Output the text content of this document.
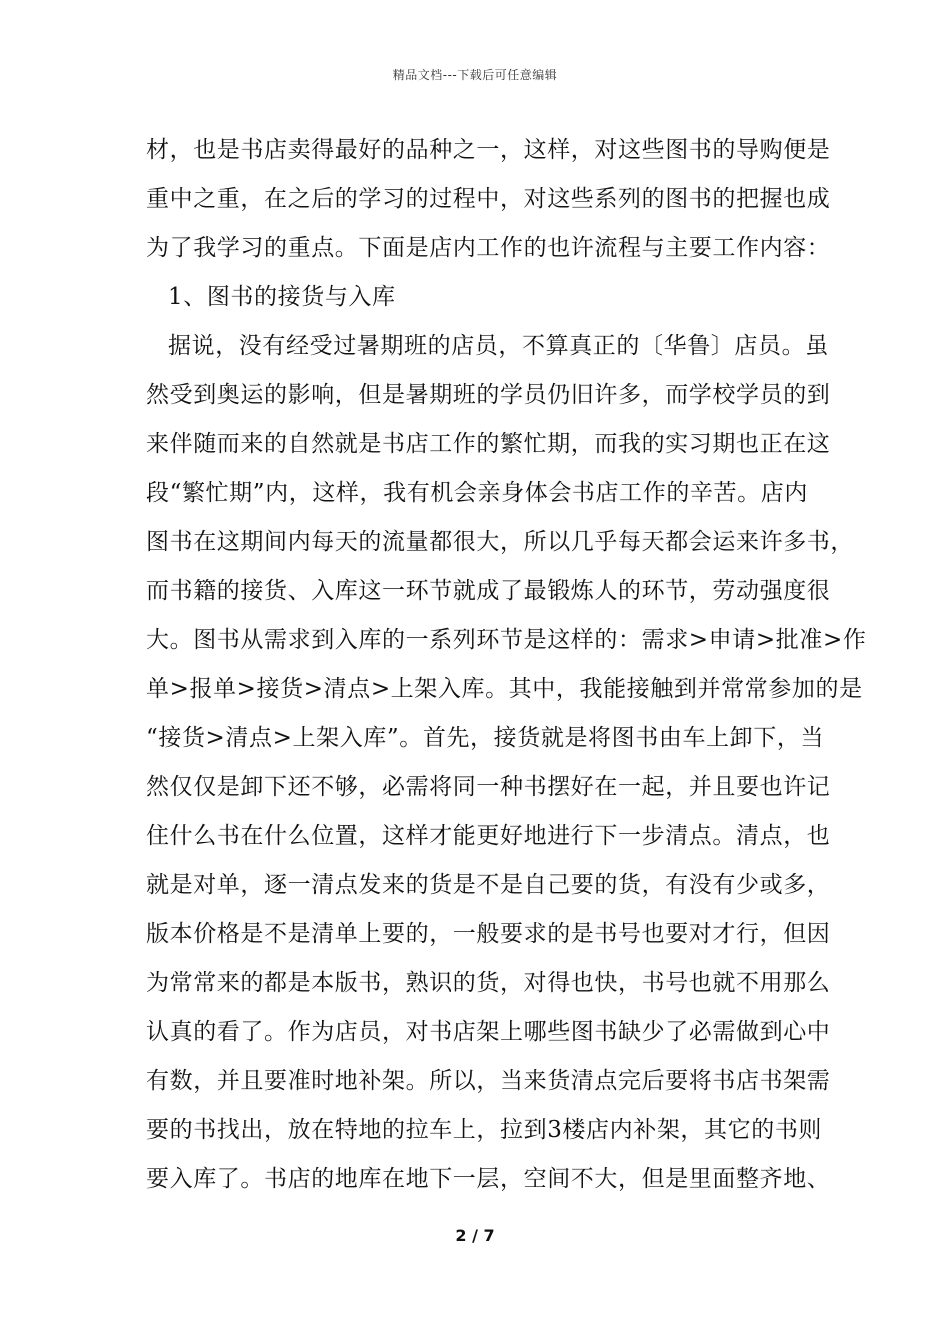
精品文档---下载后可任意编辑
材，也是书店卖得最好的品种之一，这样，对这些图书的导购便是
重中之重，在之后的学习的过程中，对这些系列的图书的把握也成
为了我学习的重点。下面是店内工作的也许流程与主要工作内容：
1、图书的接货与入库
据说，没有经受过暑期班的店员，不算真正的〔华鲁〕店员。虽
然受到奥运的影响，但是暑期班的学员仍旧许多，而学校学员的到
来伴随而来的自然就是书店工作的繁忙期，而我的实习期也正在这
段“繁忙期”内，这样，我有机会亲身体会书店工作的辛苦。店内
图书在这期间内每天的流量都很大，所以几乎每天都会运来许多书，
而书籍的接货、入库这一环节就成了最锻炼人的环节，劳动强度很
大。图书从需求到入库的一系列环节是这样的：需求>申请>批准>作
单>报单>接货>清点>上架入库。其中，我能接触到并常常参加的是
“接货>清点>上架入库”。首先，接货就是将图书由车上卸下，当
然仅仅是卸下还不够，必需将同一种书摆好在一起，并且要也许记
住什么书在什么位置，这样才能更好地进行下一步清点。清点，也
就是对单，逐一清点发来的货是不是自己要的货，有没有少或多，
版本价格是不是清单上要的，一般要求的是书号也要对才行，但因
为常常来的都是本版书，熟识的货，对得也快，书号也就不用那么
认真的看了。作为店员，对书店架上哪些图书缺少了必需做到心中
有数，并且要准时地补架。所以，当来货清点完后要将书店书架需
要的书找出，放在特地的拉车上，拉到3楼店内补架，其它的书则
要入库了。书店的地库在地下一层，空间不大，但是里面整齐地、
2 / 7
